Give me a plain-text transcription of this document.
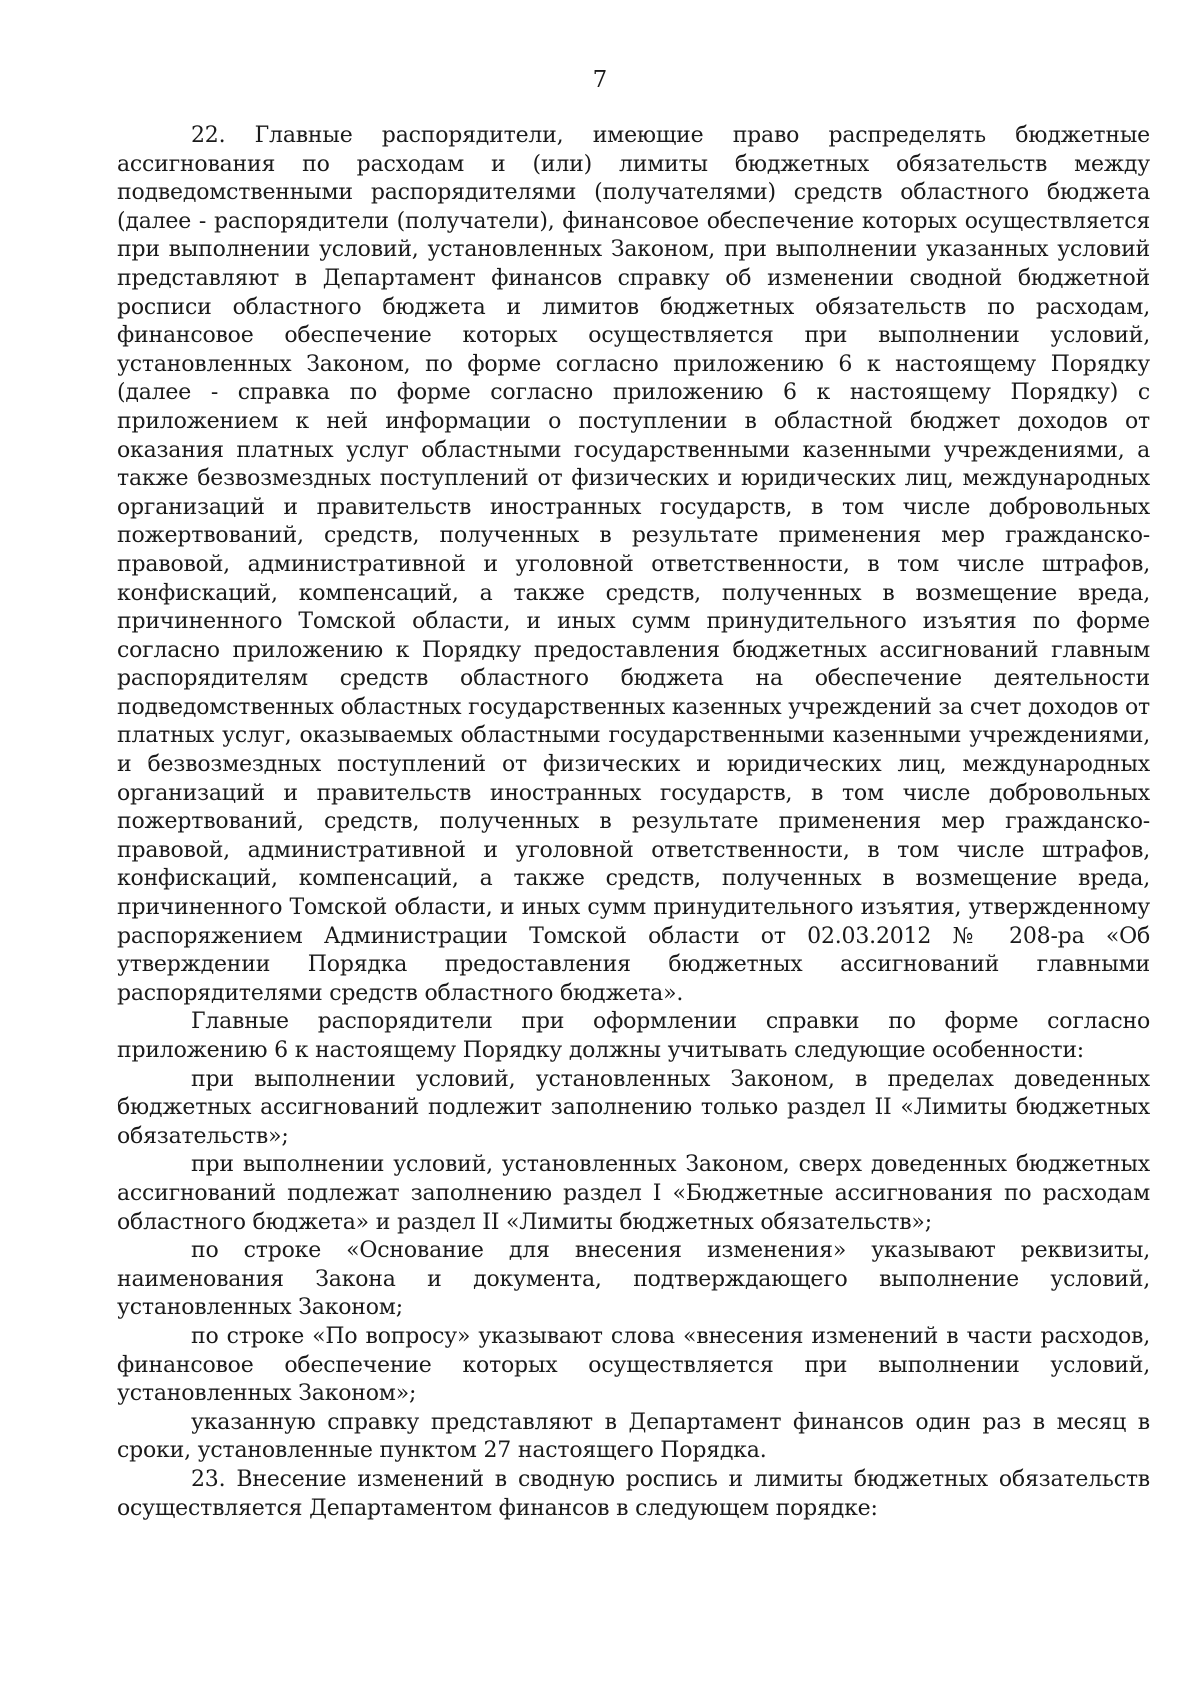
7

22. Главные распорядители, имеющие право распределять бюджетные ассигнования по расходам и (или) лимиты бюджетных обязательств между подведомственными распорядителями (получателями) средств областного бюджета (далее - распорядители (получатели), финансовое обеспечение которых осуществляется при выполнении условий, установленных Законом, при выполнении указанных условий представляют в Департамент финансов справку об изменении сводной бюджетной росписи областного бюджета и лимитов бюджетных обязательств по расходам, финансовое обеспечение которых осуществляется при выполнении условий, установленных Законом, по форме согласно приложению 6 к настоящему Порядку (далее - справка по форме согласно приложению 6 к настоящему Порядку) с приложением к ней информации о поступлении в областной бюджет доходов от оказания платных услуг областными государственными казенными учреждениями, а также безвозмездных поступлений от физических и юридических лиц, международных организаций и правительств иностранных государств, в том числе добровольных пожертвований, средств, полученных в результате применения мер гражданско-правовой, административной и уголовной ответственности, в том числе штрафов, конфискаций, компенсаций, а также средств, полученных в возмещение вреда, причиненного Томской области, и иных сумм принудительного изъятия по форме согласно приложению к Порядку предоставления бюджетных ассигнований главным распорядителям средств областного бюджета на обеспечение деятельности подведомственных областных государственных казенных учреждений за счет доходов от платных услуг, оказываемых областными государственными казенными учреждениями, и безвозмездных поступлений от физических и юридических лиц, международных организаций и правительств иностранных государств, в том числе добровольных пожертвований, средств, полученных в результате применения мер гражданско-правовой, административной и уголовной ответственности, в том числе штрафов, конфискаций, компенсаций, а также средств, полученных в возмещение вреда, причиненного Томской области, и иных сумм принудительного изъятия, утвержденному распоряжением Администрации Томской области от 02.03.2012 № 208-ра «Об утверждении Порядка предоставления бюджетных ассигнований главными распорядителями средств областного бюджета».

Главные распорядители при оформлении справки по форме согласно приложению 6 к настоящему Порядку должны учитывать следующие особенности:

при выполнении условий, установленных Законом, в пределах доведенных бюджетных ассигнований подлежит заполнению только раздел II «Лимиты бюджетных обязательств»;

при выполнении условий, установленных Законом, сверх доведенных бюджетных ассигнований подлежат заполнению раздел I «Бюджетные ассигнования по расходам областного бюджета» и раздел II «Лимиты бюджетных обязательств»;

по строке «Основание для внесения изменения» указывают реквизиты, наименования Закона и документа, подтверждающего выполнение условий, установленных Законом;

по строке «По вопросу» указывают слова «внесения изменений в части расходов, финансовое обеспечение которых осуществляется при выполнении условий, установленных Законом»;

указанную справку представляют в Департамент финансов один раз в месяц в сроки, установленные пунктом 27 настоящего Порядка.

23. Внесение изменений в сводную роспись и лимиты бюджетных обязательств осуществляется Департаментом финансов в следующем порядке:
